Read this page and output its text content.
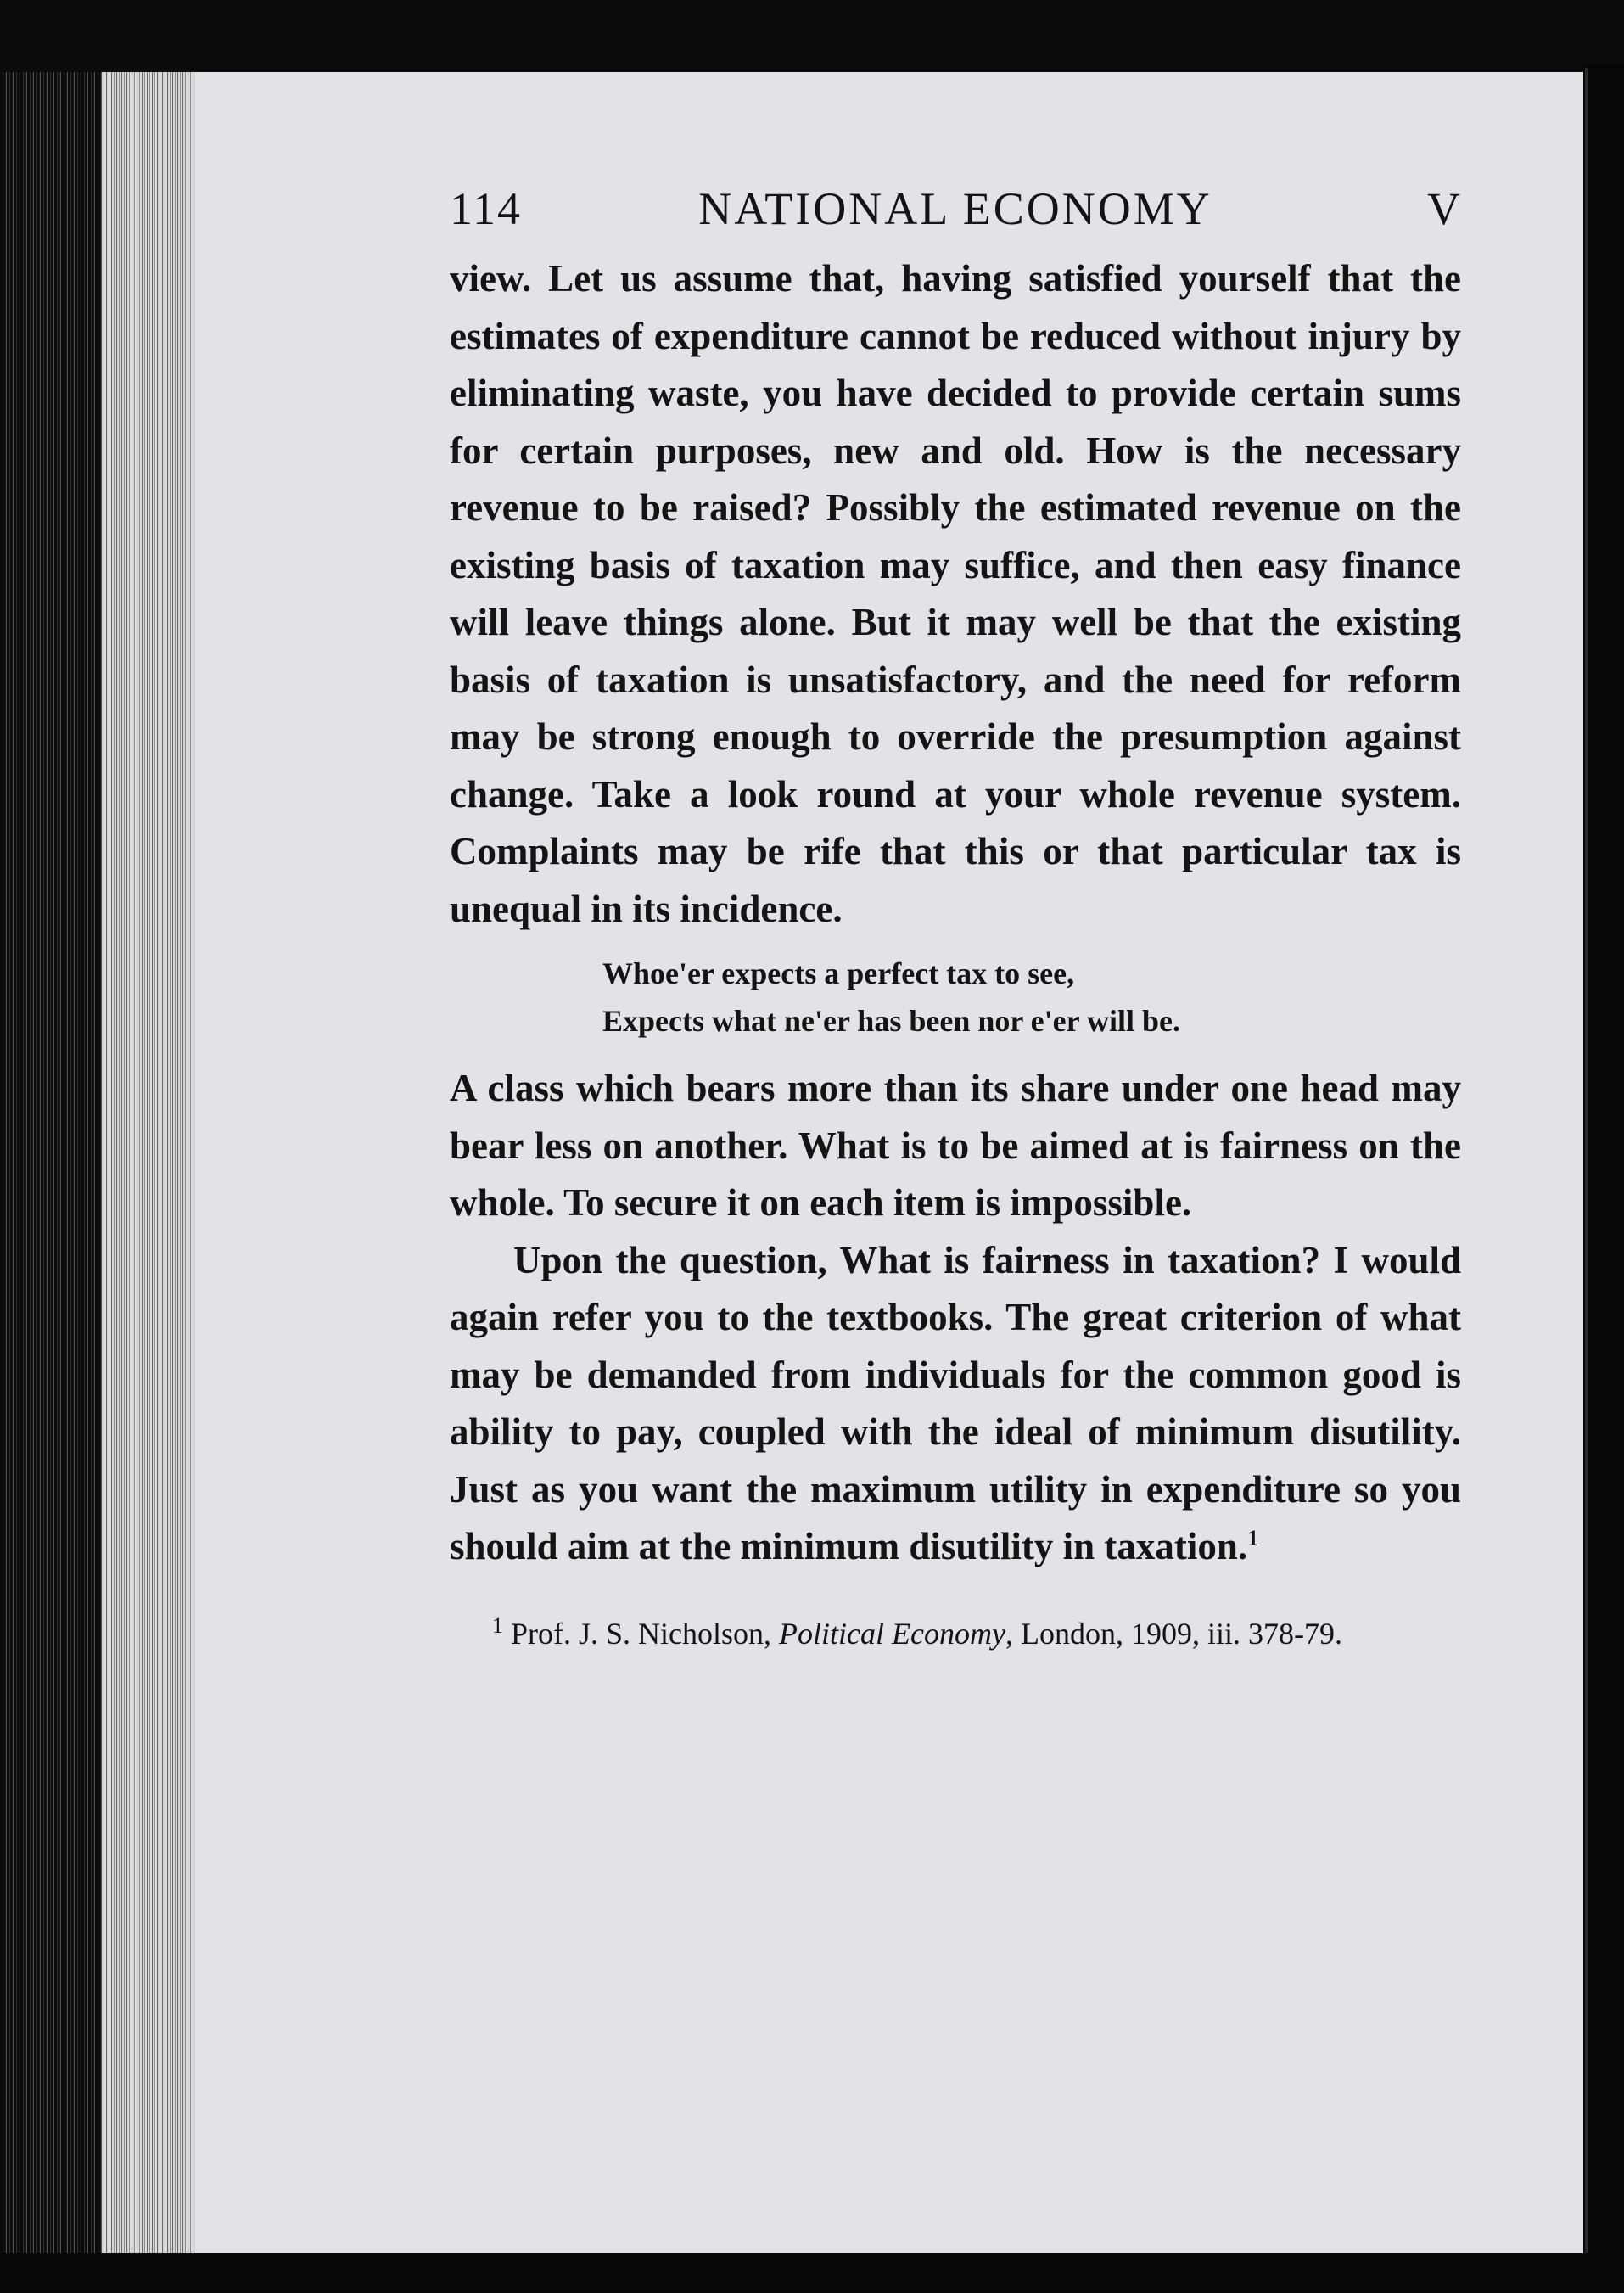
114	NATIONAL ECONOMY	V

view. Let us assume that, having satisfied yourself that the estimates of expenditure cannot be reduced without injury by eliminating waste, you have decided to provide certain sums for certain purposes, new and old. How is the necessary revenue to be raised? Possibly the estimated revenue on the existing basis of taxation may suffice, and then easy finance will leave things alone. But it may well be that the existing basis of taxation is unsatisfactory, and the need for reform may be strong enough to override the presumption against change. Take a look round at your whole revenue system. Complaints may be rife that this or that particular tax is unequal in its incidence.

Whoe'er expects a perfect tax to see,
Expects what ne'er has been nor e'er will be.

A class which bears more than its share under one head may bear less on another. What is to be aimed at is fairness on the whole. To secure it on each item is impossible.

Upon the question, What is fairness in taxation? I would again refer you to the textbooks. The great criterion of what may be demanded from individuals for the common good is ability to pay, coupled with the ideal of minimum disutility. Just as you want the maximum utility in expenditure so you should aim at the minimum disutility in taxation.$^1$

$^1$ Prof. J. S. Nicholson, Political Economy, London, 1909, iii. 378-79.
